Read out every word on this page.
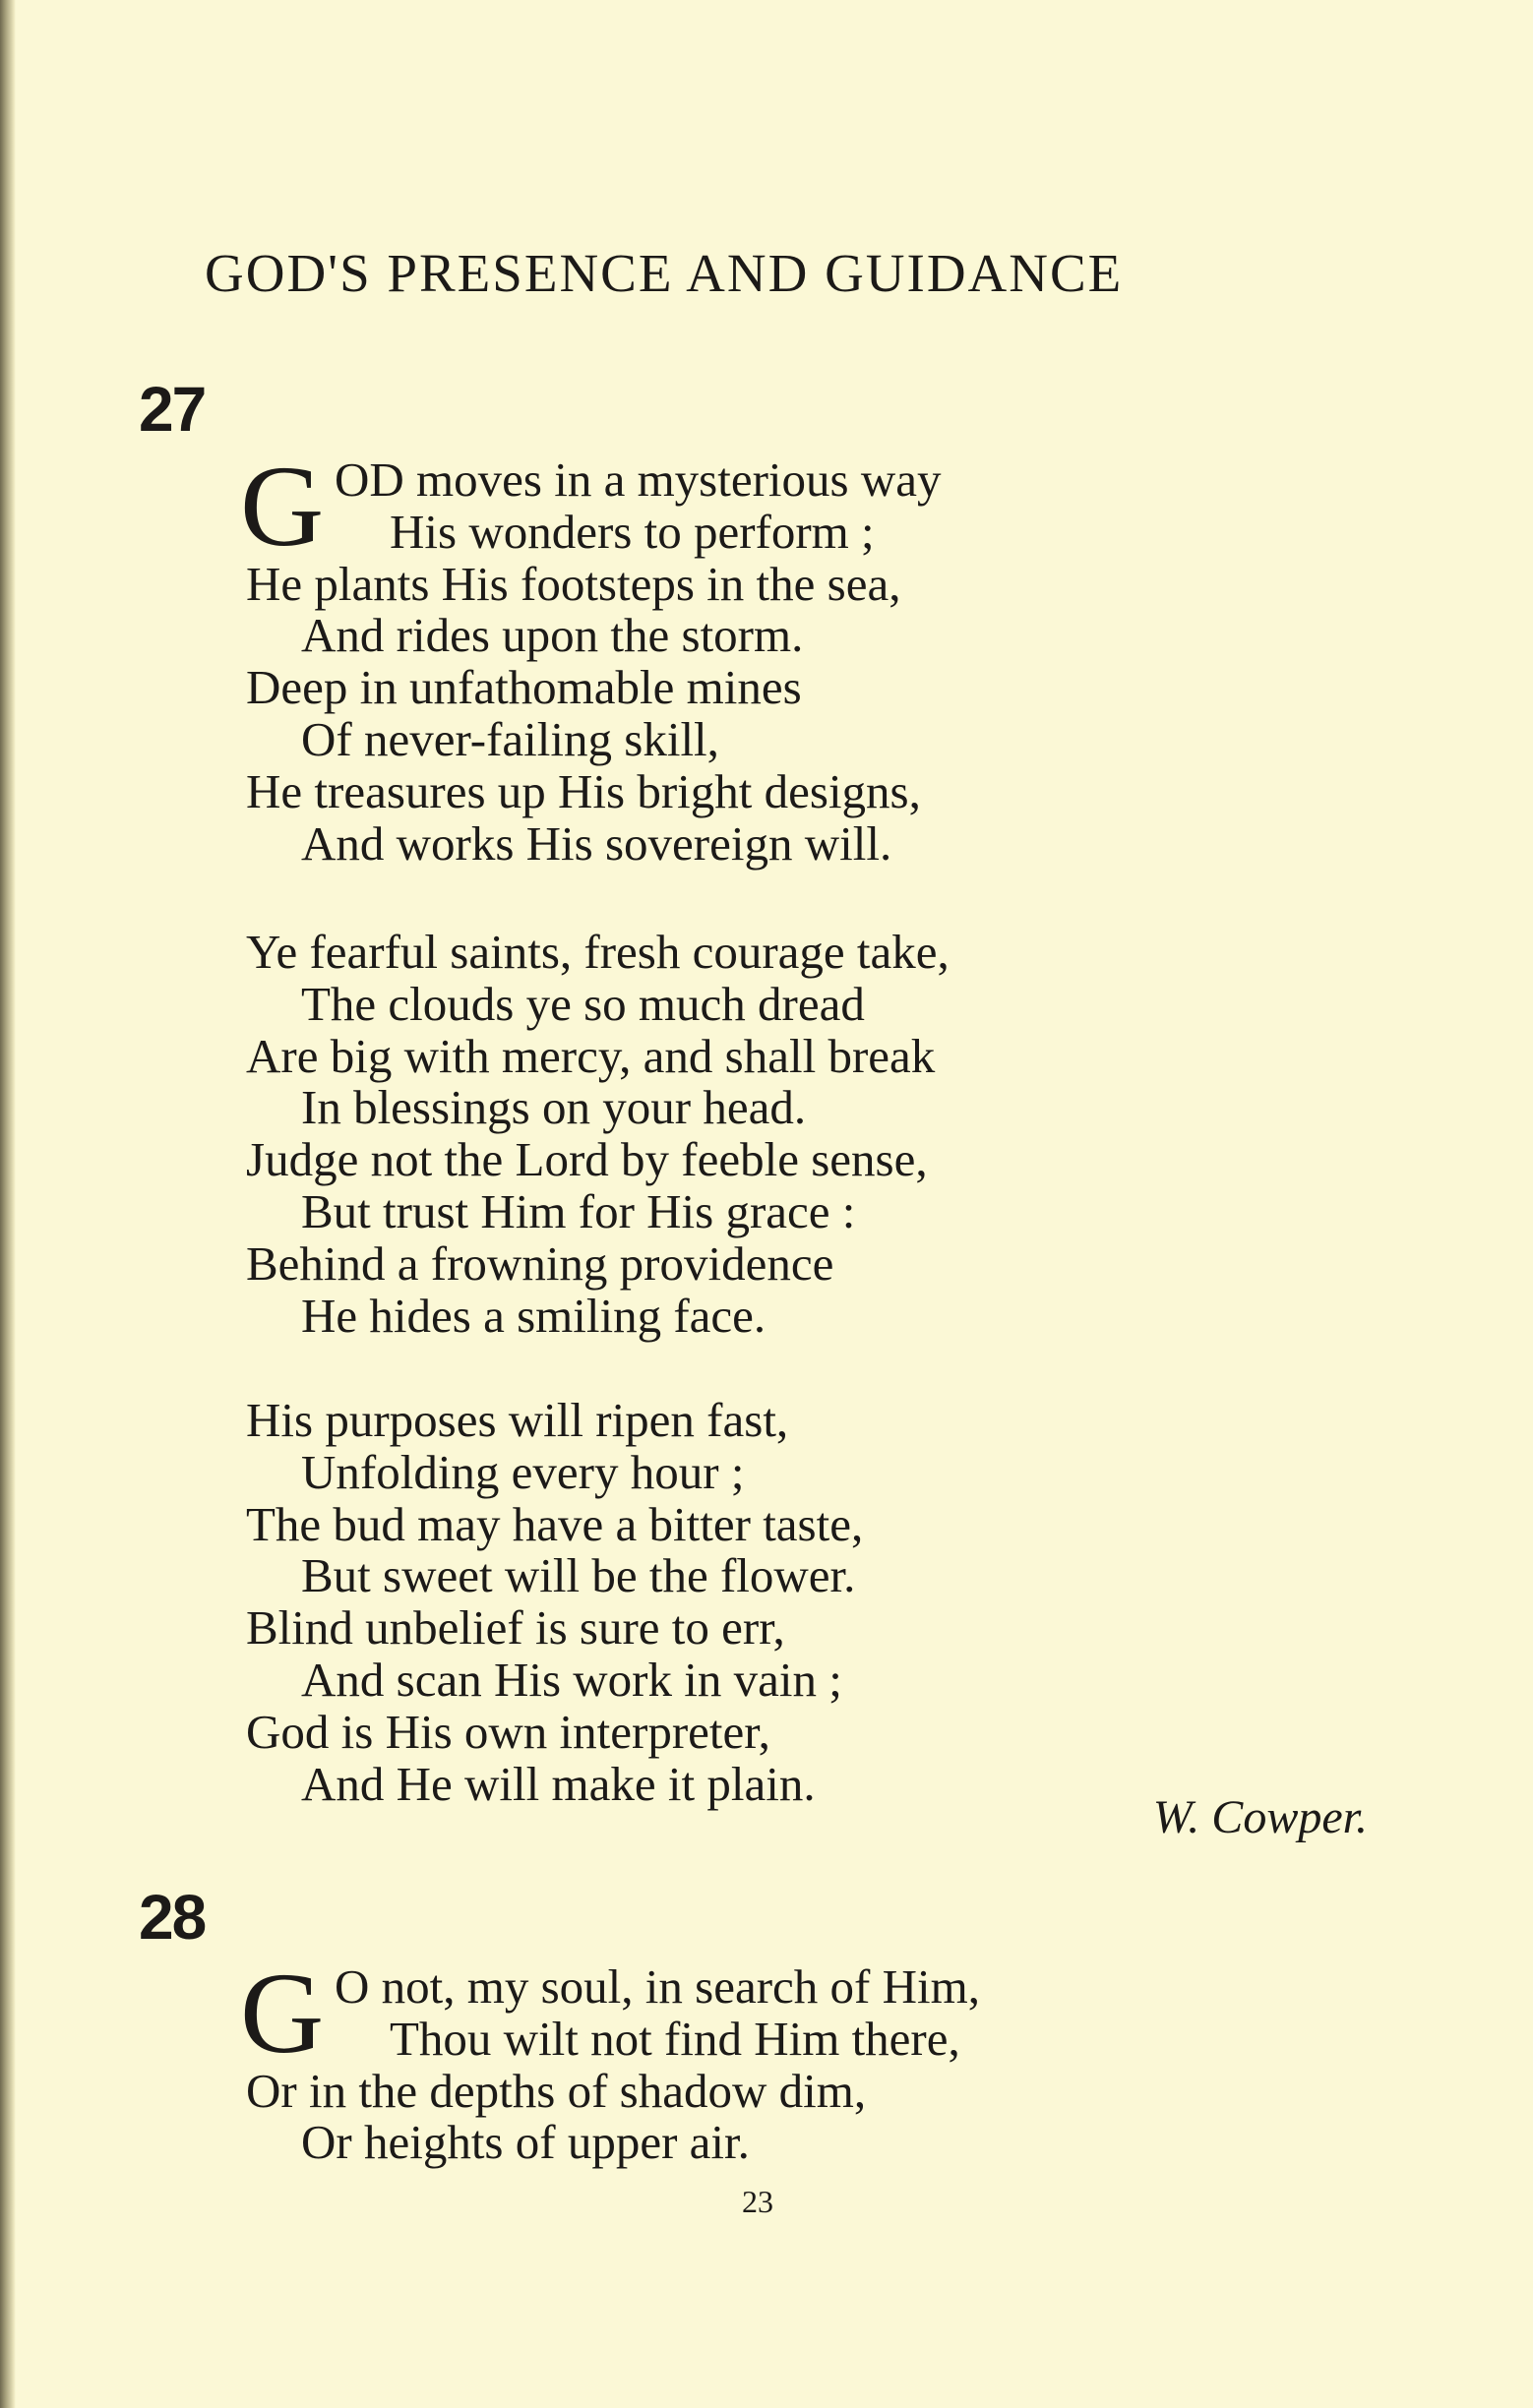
GOD'S PRESENCE AND GUIDANCE
27
G OD moves in a mysterious way
His wonders to perform ;
He plants His footsteps in the sea,
And rides upon the storm.
Deep in unfathomable mines
Of never-failing skill,
He treasures up His bright designs,
And works His sovereign will.
Ye fearful saints, fresh courage take,
The clouds ye so much dread
Are big with mercy, and shall break
In blessings on your head.
Judge not the Lord by feeble sense,
But trust Him for His grace :
Behind a frowning providence
He hides a smiling face.
His purposes will ripen fast,
Unfolding every hour ;
The bud may have a bitter taste,
But sweet will be the flower.
Blind unbelief is sure to err,
And scan His work in vain ;
God is His own interpreter,
And He will make it plain.
W. Cowper.
28
G O not, my soul, in search of Him,
Thou wilt not find Him there,
Or in the depths of shadow dim,
Or heights of upper air.
23
